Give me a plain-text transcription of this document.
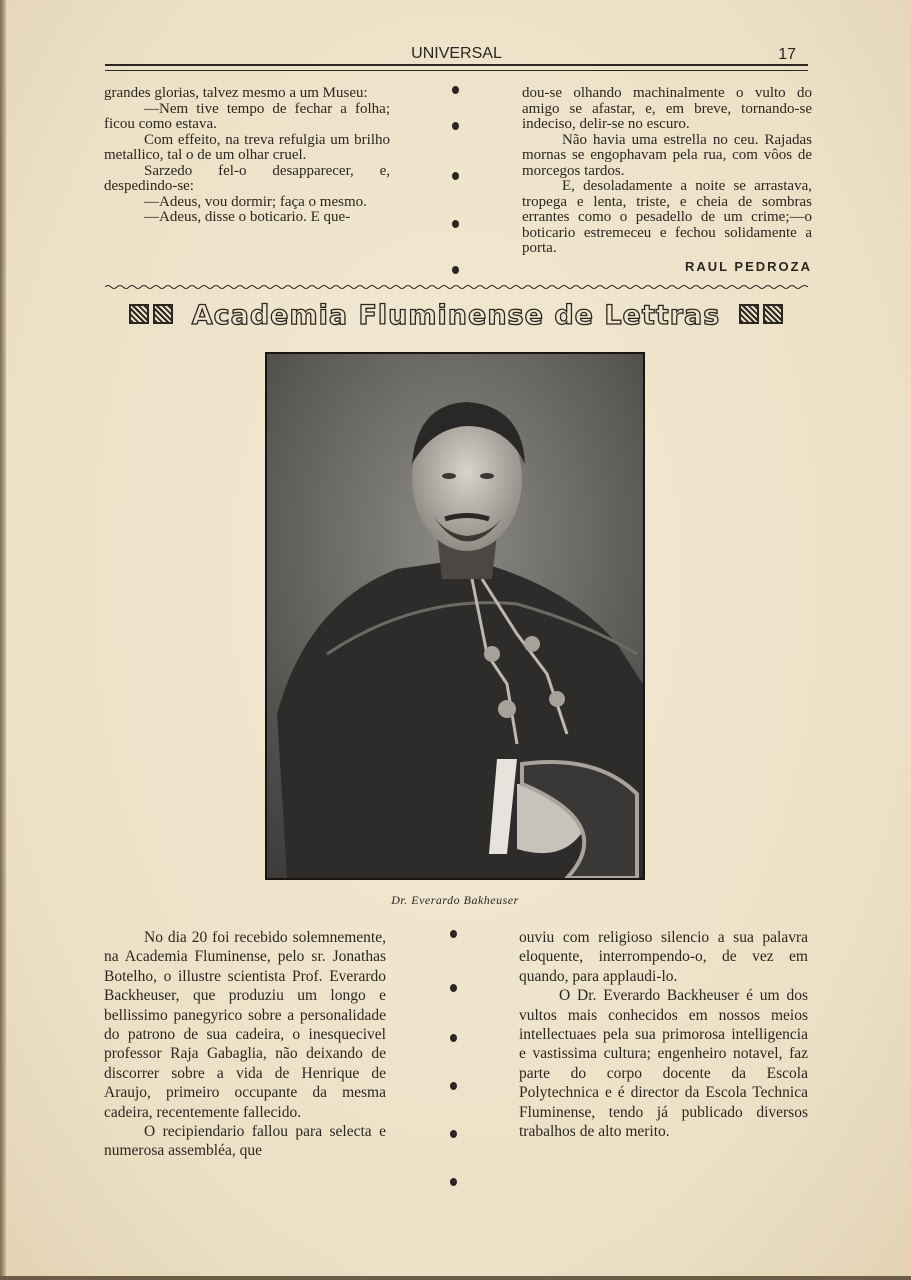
UNIVERSAL	17

grandes glorias, talvez mesmo a um Museu:

—Nem tive tempo de fechar a folha; ficou como estava.

Com effeito, na treva refulgia um brilho metallico, tal o de um olhar cruel.

Sarzedo fel-o desapparecer, e, despedindo-se:

—Adeus, vou dormir; faça o mesmo.

—Adeus, disse o boticario. E que-

dou-se olhando machinalmente o vulto do amigo se afastar, e, em breve, tornando-se indeciso, delir-se no escuro.

Não havia uma estrella no ceu. Rajadas mornas se engophavam pela rua, com vôos de morcegos tardos.

E, desoladamente a noite se arrastava, tropega e lenta, triste, e cheia de sombras errantes como o pesadello de um crime;—o boticario estremeceu e fechou solidamente a porta.

RAUL PEDROZA
Academia Fluminense de Lettras
Dr. Everardo Bakheuser

No dia 20 foi recebido solemnemente, na Academia Fluminense, pelo sr. Jonathas Botelho, o illustre scientista Prof. Everardo Backheuser, que produziu um longo e bellissimo panegyrico sobre a personalidade do patrono de sua cadeira, o inesquecivel professor Raja Gabaglia, não deixando de discorrer sobre a vida de Henrique de Araujo, primeiro occupante da mesma cadeira, recentemente fallecido.

O recipiendario fallou para selecta e numerosa assembléa, que

ouviu com religioso silencio a sua palavra eloquente, interrompendo-o, de vez em quando, para applaudi-lo.

O Dr. Everardo Backheuser é um dos vultos mais conhecidos em nossos meios intellectuaes pela sua primorosa intelligencia e vastissima cultura; engenheiro notavel, faz parte do corpo docente da Escola Polytechnica e é director da Escola Technica Fluminense, tendo já publicado diversos trabalhos de alto merito.
